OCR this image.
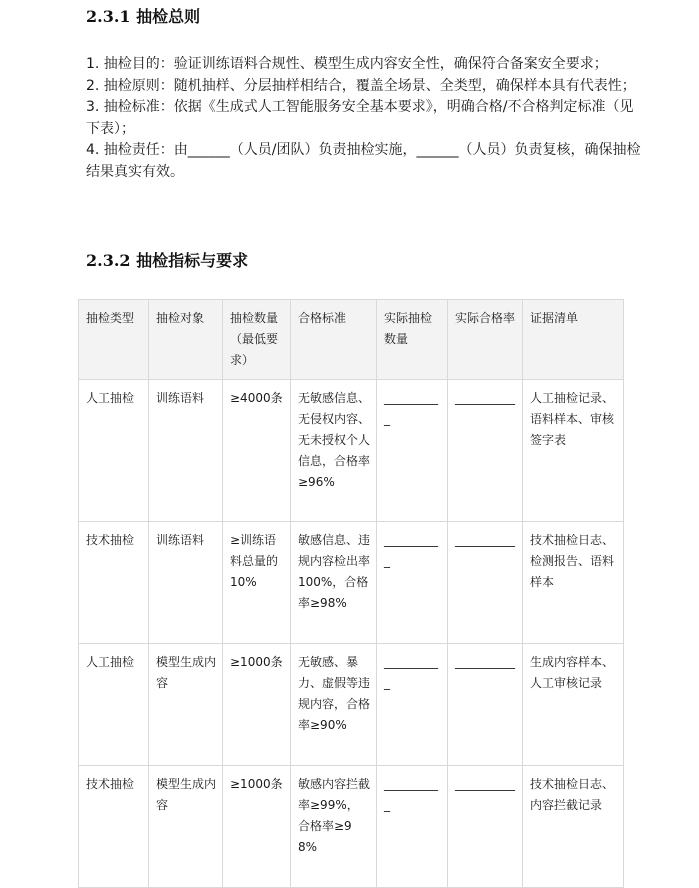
2.3.1 抽检总则

1. 抽检目的：验证训练语料合规性、模型生成内容安全性，确保符合备案安全要求；

2. 抽检原则：随机抽样、分层抽样相结合，覆盖全场景、全类型，确保样本具有代表性；

3. 抽检标准：依据《生成式人工智能服务安全基本要求》，明确合格/不合格判定标准（见下表）；

4. 抽检责任：由______（人员/团队）负责抽检实施，______（人员）负责复核，确保抽检结果真实有效。

2.3.2 抽检指标与要求
抽检类型	抽检对象	抽检数量（最低要求）	合格标准	实际抽检数量	实际合格率	证据清单
人工抽检	训练语料	≥4000条	无敏感信息、无侵权内容、无未授权个人信息，合格率≥96%	__________	__________	人工抽检记录、语料样本、审核签字表
技术抽检	训练语料	≥训练语料总量的10%	敏感信息、违规内容检出率 100%，合格率≥98%	__________	__________	技术抽检日志、检测报告、语料样本
人工抽检	模型生成内容	≥1000条	无敏感、暴力、虚假等违规内容，合格率≥90%	__________	__________	生成内容样本、人工审核记录
技术抽检	模型生成内容	≥1000条	敏感内容拦截率≥99%，合格率≥98%	__________	__________	技术抽检日志、内容拦截记录
